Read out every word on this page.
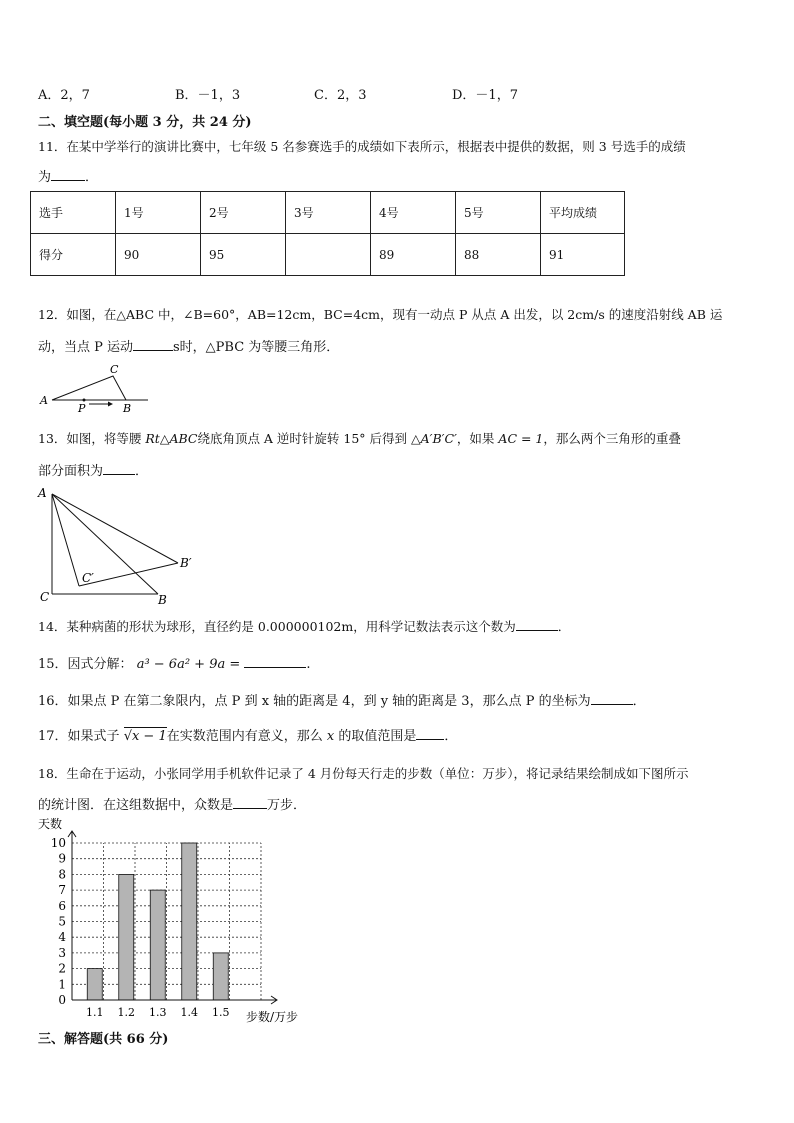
A．2，7	B．－1，3	C．2，3	D．－1，7
二、填空题(每小题 3 分，共 24 分)
11．在某中学举行的演讲比赛中，七年级 5 名参赛选手的成绩如下表所示，根据表中提供的数据，则 3 号选手的成绩
为	．
选手	1号	2号	3号	4号	5号	平均成绩
得分	90	95		89	88	91
12．如图，在△ABC 中，∠B=60°，AB=12cm，BC=4cm，现有一动点 P 从点 A 出发，以 2cm/s 的速度沿射线 AB 运
动，当点 P 运动	s时，△PBC 为等腰三角形．
A
C
B
P
13．如图，将等腰 Rt△ABC绕底角顶点 A 逆时针旋转 15° 后得到 △A′B′C′，如果 AC = 1，那么两个三角形的重叠
部分面积为 ．
A
C	B
B′
C′
14．某种病菌的形状为球形，直径约是 0.000000102m，用科学记数法表示这个数为	．
15．因式分解： a³ − 6a² + 9a =	.
16．如果点 P 在第二象限内，点 P 到 x 轴的距离是 4，到 y 轴的距离是 3，那么点 P 的坐标为	．
17．如果式子 √x − 1在实数范围内有意义，那么 x 的取值范围是 ．
18．生命在于运动，小张同学用手机软件记录了 4 月份每天行走的步数（单位：万步），将记录结果绘制成如下图所示
的统计图．在这组数据中，众数是	万步．
1.1 1.2 1.3 1.4 1.5
0
1
2
3
4
5
6
7
8
9
10
天数
步数/万步
三、解答题(共 66 分)
